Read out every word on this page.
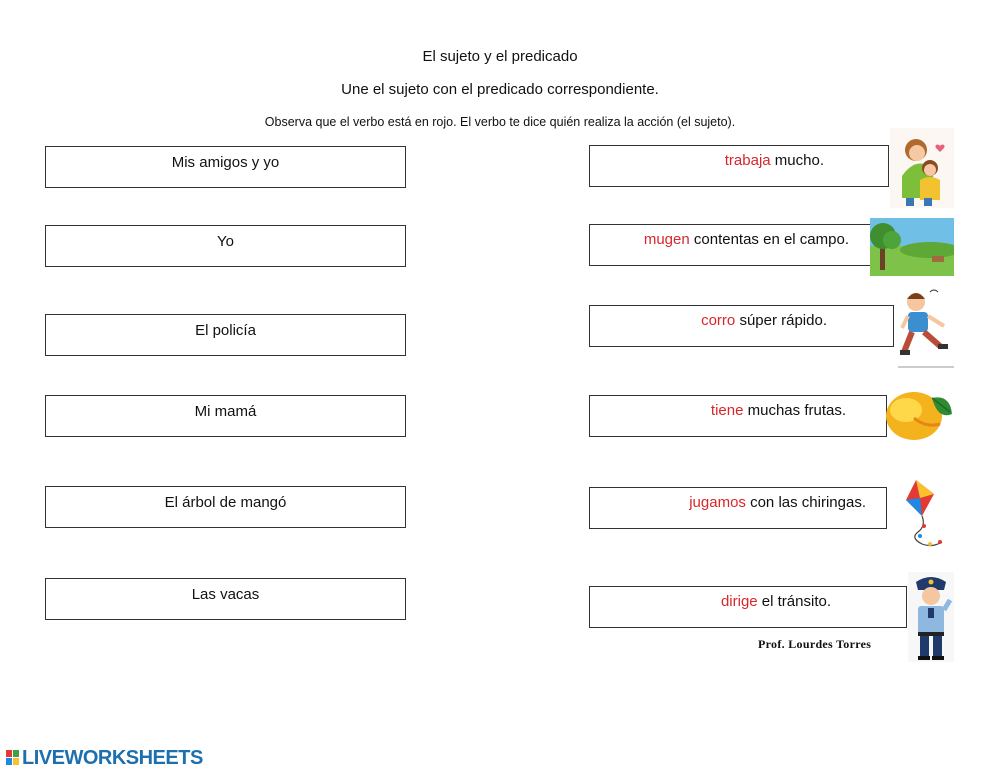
El sujeto y el predicado
Une el sujeto con el predicado correspondiente.
Observa que el verbo está en rojo. El verbo te dice quién realiza la acción (el sujeto).
Mis amigos y yo
Yo
El policía
Mi mamá
El árbol de mangó
Las vacas
trabaja mucho.
mugen contentas en el campo.
corro súper rápido.
tiene muchas frutas.
jugamos con las chiringas.
dirige el tránsito.
Prof. Lourdes Torres
LIVEWORKSHEETS
